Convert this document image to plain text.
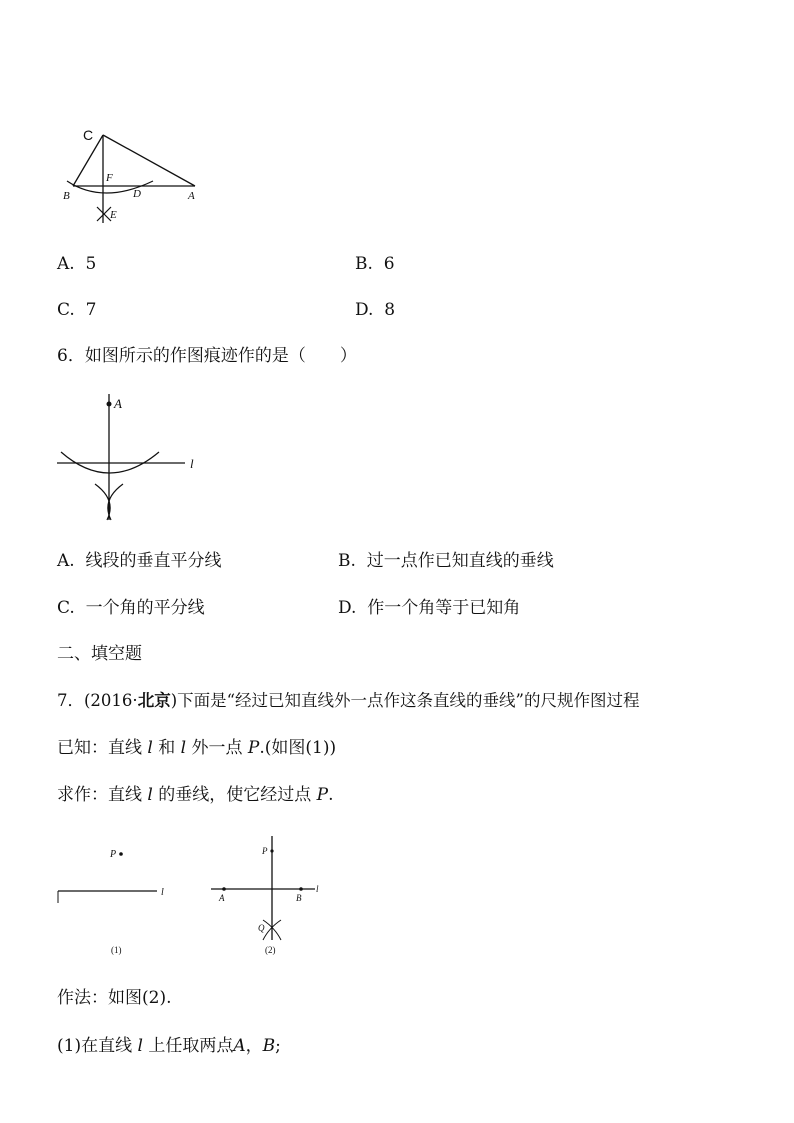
C
F
B	D	A
E
A.  5	B.  6
C.  7	D.  8
6．如图所示的作图痕迹作的是（　　）
A
l
A.  线段的垂直平分线	B.  过一点作已知直线的垂线
C.  一个角的平分线	D.  作一个角等于已知角
二、填空题
7．(2016·北京)下面是“经过已知直线外一点作这条直线的垂线”的尺规作图过程
已知：直线 l 和 l 外一点 P.(如图(1))
求作：直线 l 的垂线，使它经过点 P.
P
l
(1)
P
A	B
l
Q
(2)
作法：如图(2).
(1)在直线 l 上任取两点A，B;
